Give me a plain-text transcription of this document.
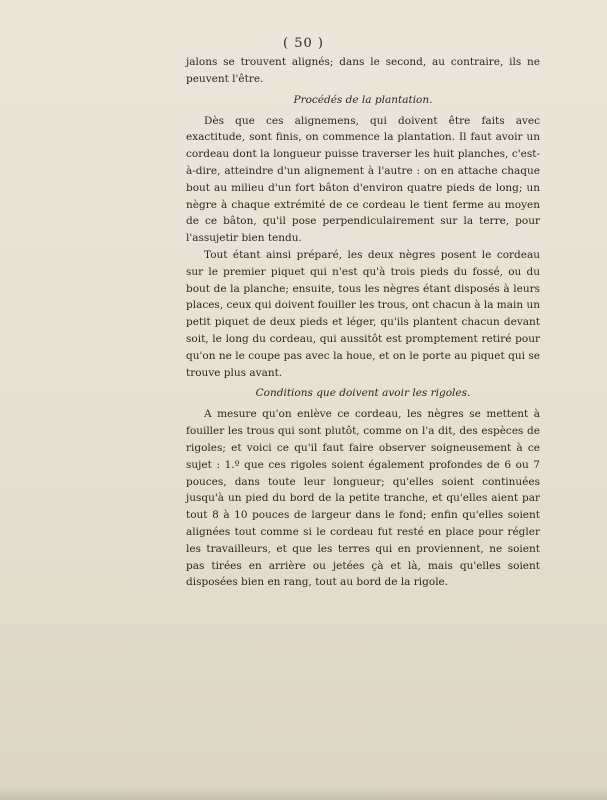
( 50 )

jalons se trouvent alignés; dans le second, au contraire, ils ne peuvent l'être.

Procédés de la plantation.

Dès que ces alignemens, qui doivent être faits avec exactitude, sont finis, on commence la plantation. Il faut avoir un cordeau dont la longueur puisse traverser les huit planches, c'est-à-dire, atteindre d'un alignement à l'autre : on en attache chaque bout au milieu d'un fort bâton d'environ quatre pieds de long; un nègre à chaque extrémité de ce cordeau le tient ferme au moyen de ce bâton, qu'il pose perpendiculairement sur la terre, pour l'assujetir bien tendu.

Tout étant ainsi préparé, les deux nègres posent le cordeau sur le premier piquet qui n'est qu'à trois pieds du fossé, ou du bout de la planche; ensuite, tous les nègres étant disposés à leurs places, ceux qui doivent fouiller les trous, ont chacun à la main un petit piquet de deux pieds et léger, qu'ils plantent chacun devant soit, le long du cordeau, qui aussitôt est promptement retiré pour qu'on ne le coupe pas avec la houe, et on le porte au piquet qui se trouve plus avant.

Conditions que doivent avoir les rigoles.

A mesure qu'on enlève ce cordeau, les nègres se mettent à fouiller les trous qui sont plutôt, comme on l'a dit, des espèces de rigoles; et voici ce qu'il faut faire observer soigneusement à ce sujet : 1.º que ces rigoles soient également profondes de 6 ou 7 pouces, dans toute leur longueur; qu'elles soient continuées jusqu'à un pied du bord de la petite tranche, et qu'elles aient par tout 8 à 10 pouces de largeur dans le fond; enfin qu'elles soient alignées tout comme si le cordeau fut resté en place pour régler les travailleurs, et que les terres qui en proviennent, ne soient pas tirées en arrière ou jetées çà et là, mais qu'elles soient disposées bien en rang, tout au bord de la rigole.
